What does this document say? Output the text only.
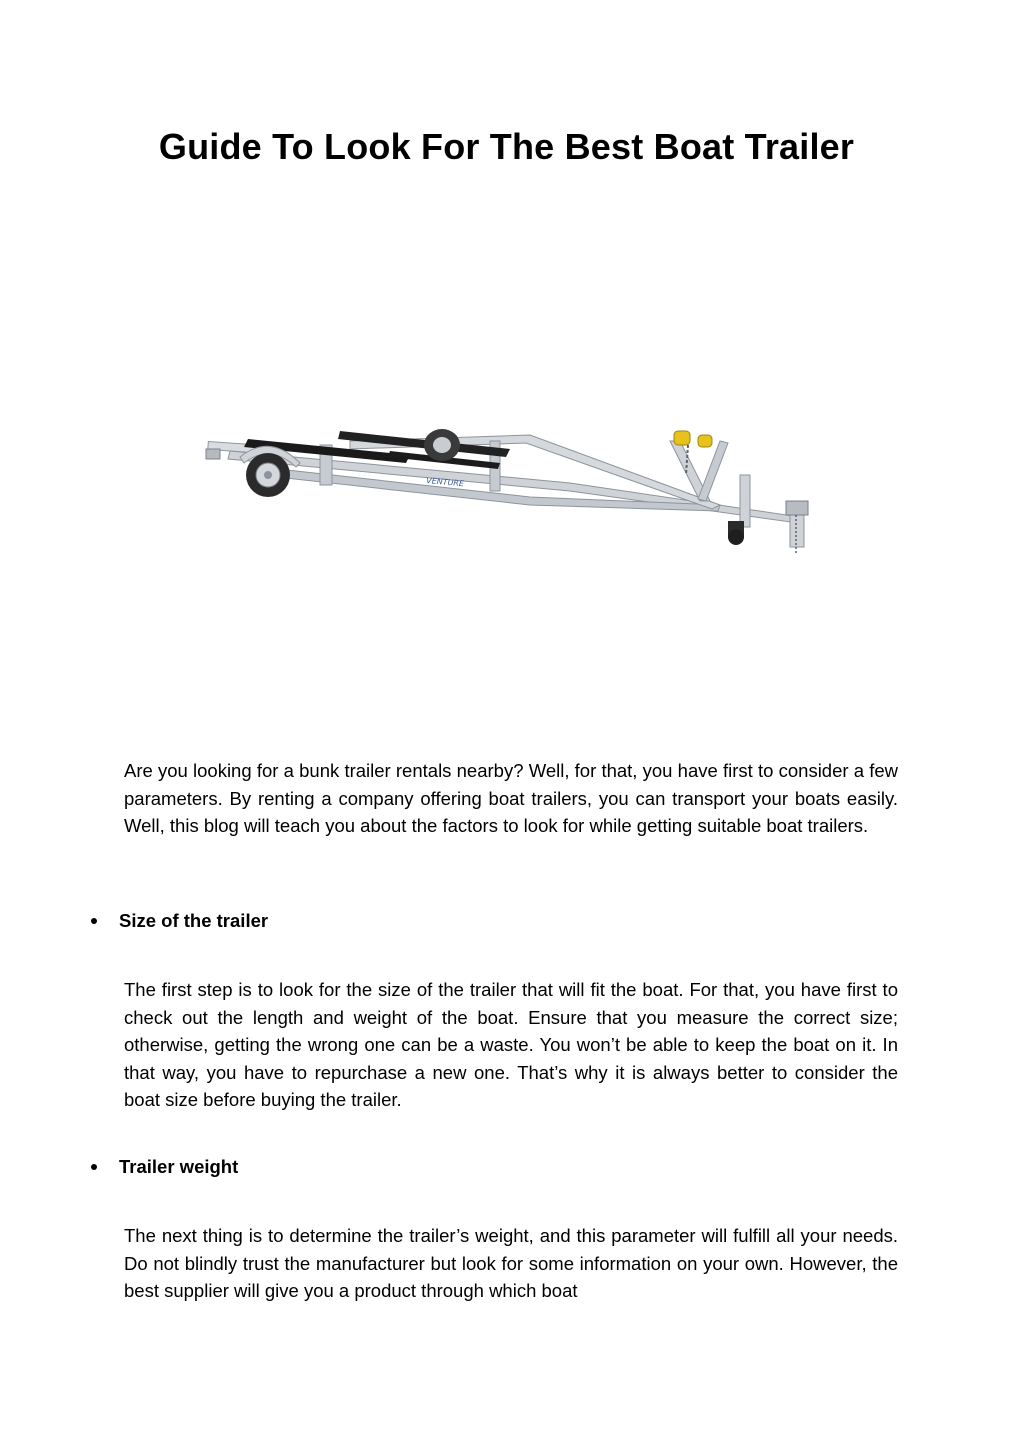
Guide To Look For The Best Boat Trailer
VENTURE

Are you looking for a bunk trailer rentals nearby? Well, for that, you have first to consider a few parameters. By renting a company offering boat trailers, you can transport your boats easily. Well, this blog will teach you about the factors to look for while getting suitable boat trailers.

Size of the trailer

The first step is to look for the size of the trailer that will fit the boat. For that, you have first to check out the length and weight of the boat. Ensure that you measure the correct size; otherwise, getting the wrong one can be a waste. You won’t be able to keep the boat on it. In that way, you have to repurchase a new one. That’s why it is always better to consider the boat size before buying the trailer.

Trailer weight

The next thing is to determine the trailer’s weight, and this parameter will fulfill all your needs. Do not blindly trust the manufacturer but look for some information on your own. However, the best supplier will give you a product through which boat
